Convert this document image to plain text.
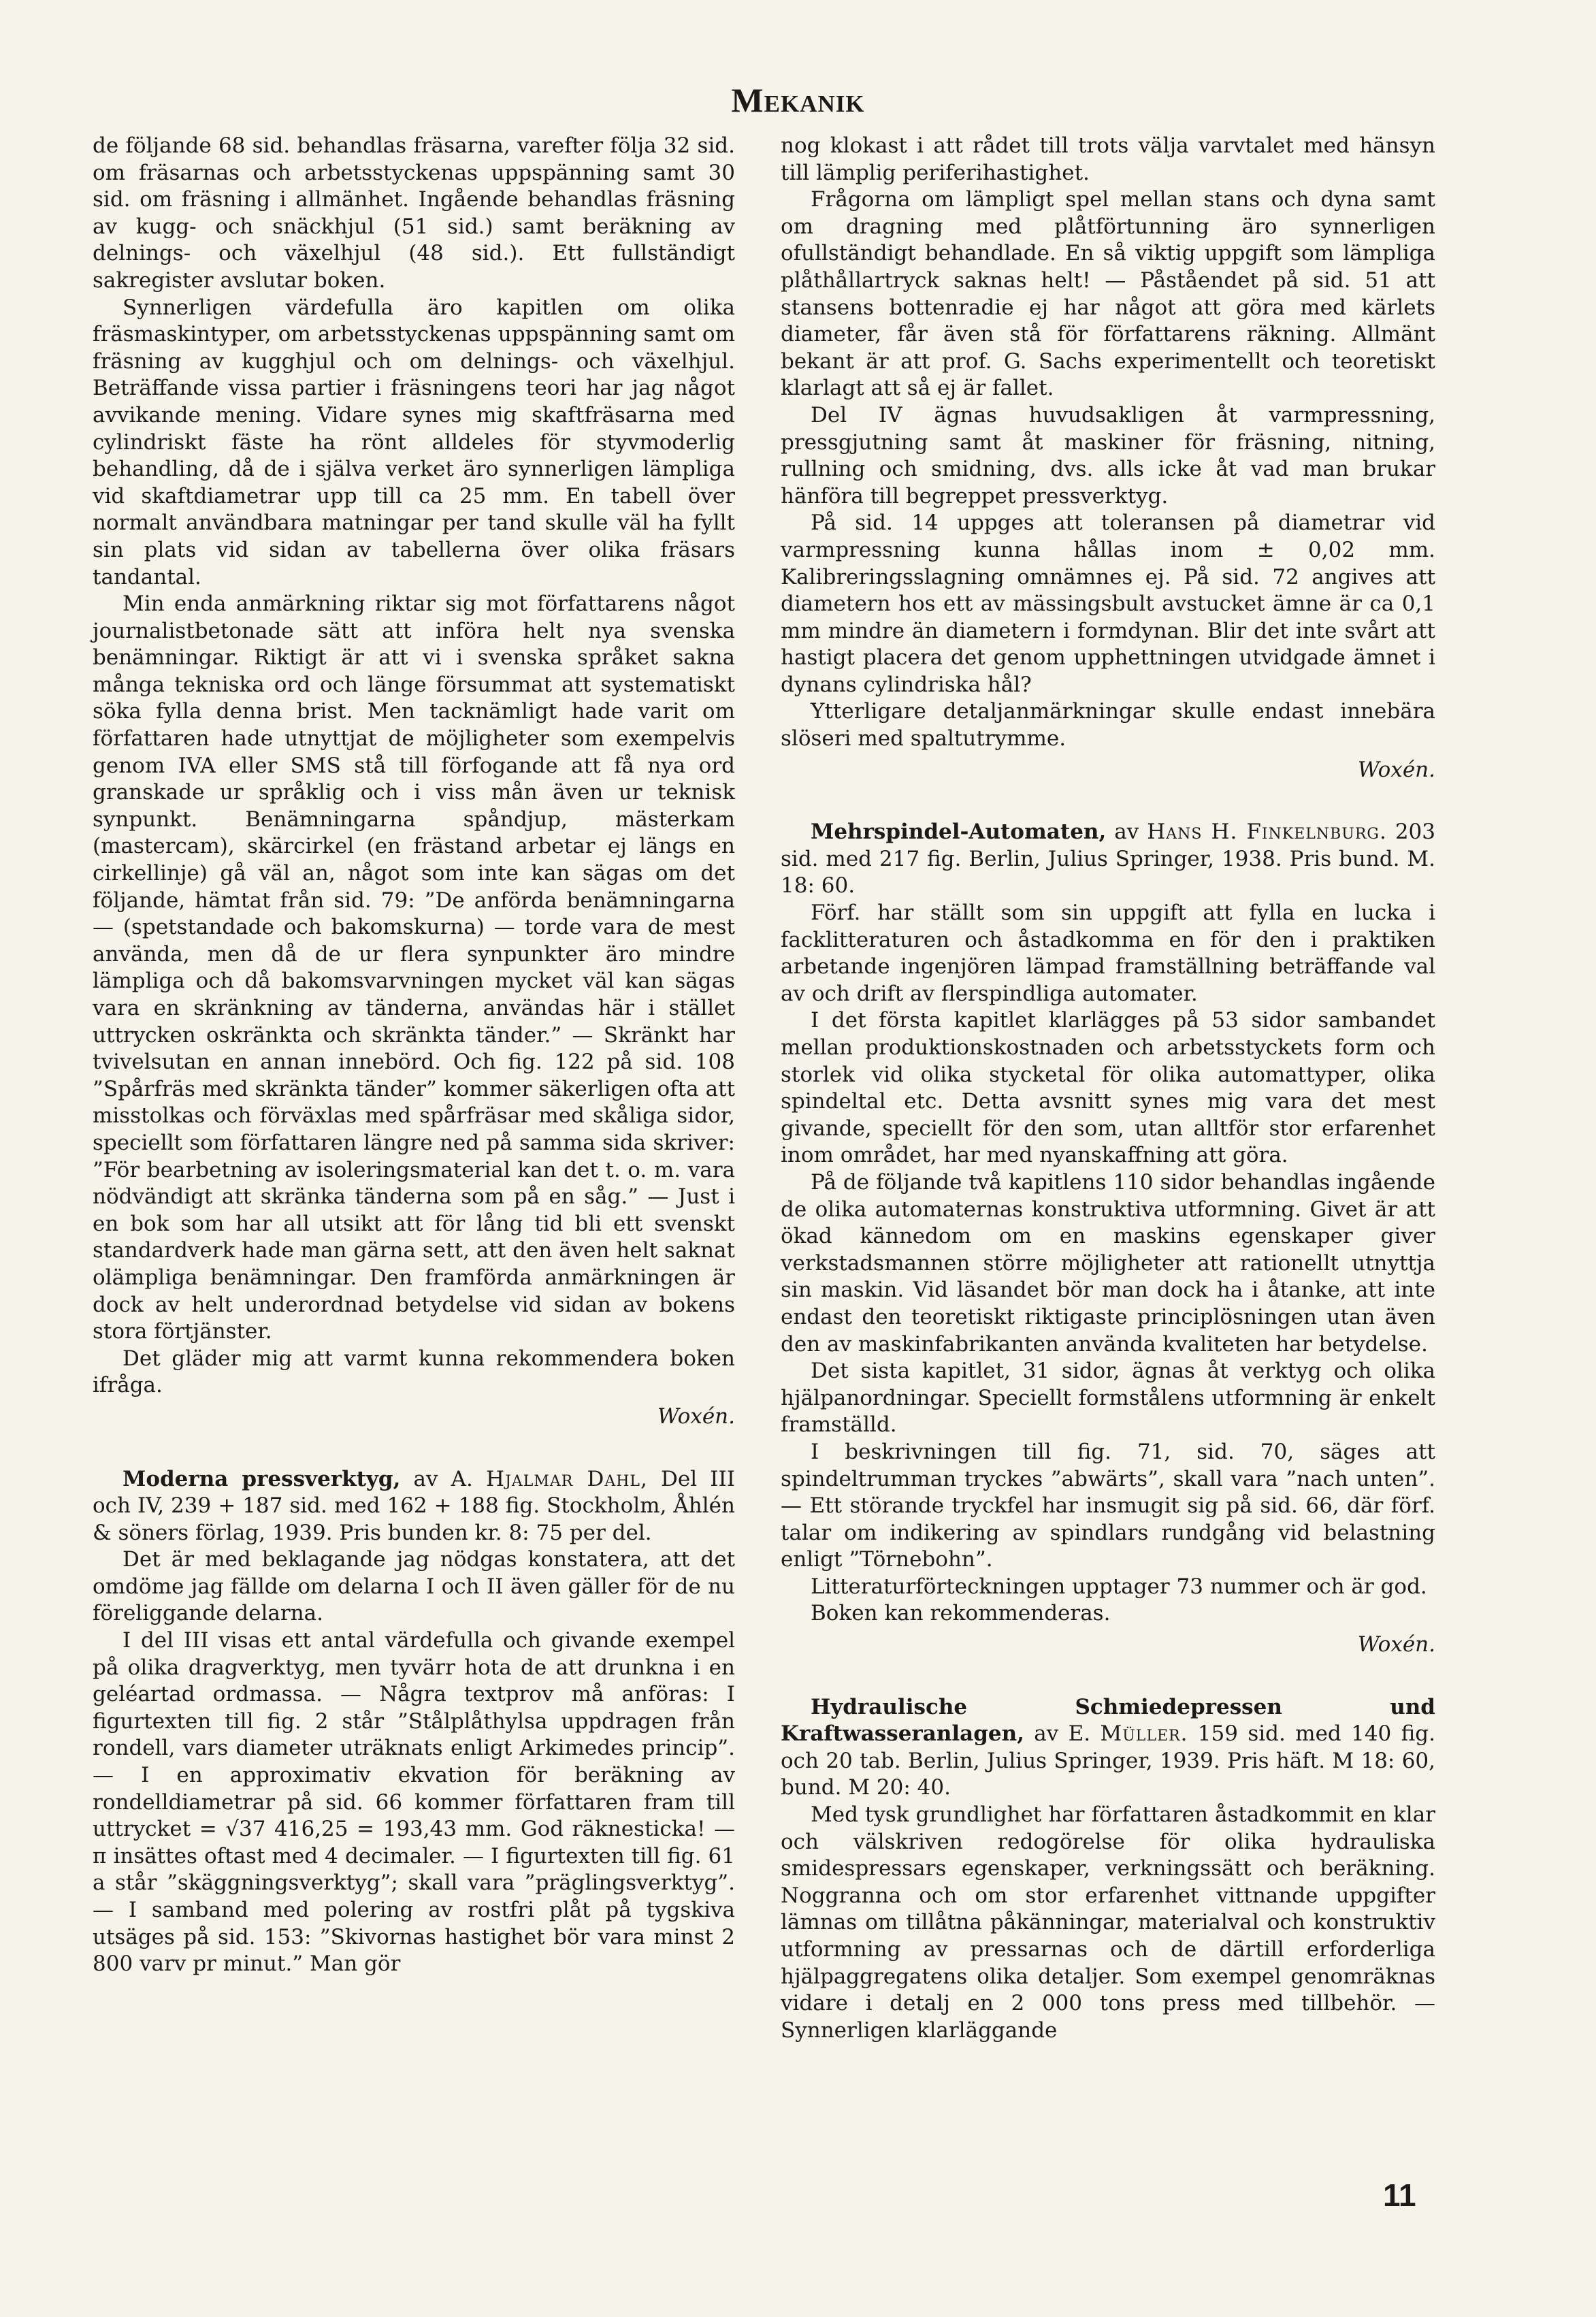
Mekanik

de följande 68 sid. behandlas fräsarna, varefter följa 32 sid. om fräsarnas och arbetsstyckenas uppspänning samt 30 sid. om fräsning i allmänhet. Ingående behandlas fräsning av kugg- och snäckhjul (51 sid.) samt beräkning av delnings- och växelhjul (48 sid.). Ett fullständigt sakregister avslutar boken.

Synnerligen värdefulla äro kapitlen om olika fräsmaskintyper, om arbetsstyckenas uppspänning samt om fräsning av kugghjul och om delnings- och växelhjul. Beträffande vissa partier i fräsningens teori har jag något avvikande mening. Vidare synes mig skaftfräsarna med cylindriskt fäste ha rönt alldeles för styvmoderlig behandling, då de i själva verket äro synnerligen lämpliga vid skaftdiametrar upp till ca 25 mm. En tabell över normalt användbara matningar per tand skulle väl ha fyllt sin plats vid sidan av tabellerna över olika fräsars tandantal.

Min enda anmärkning riktar sig mot författarens något journalistbetonade sätt att införa helt nya svenska benämningar. Riktigt är att vi i svenska språket sakna många tekniska ord och länge försummat att systematiskt söka fylla denna brist. Men tacknämligt hade varit om författaren hade utnyttjat de möjligheter som exempelvis genom IVA eller SMS stå till förfogande att få nya ord granskade ur språklig och i viss mån även ur teknisk synpunkt. Benämningarna spåndjup, mästerkam (mastercam), skärcirkel (en frästand arbetar ej längs en cirkellinje) gå väl an, något som inte kan sägas om det följande, hämtat från sid. 79: ”De anförda benämningarna — (spetstandade och bakomskurna) — torde vara de mest använda, men då de ur flera synpunkter äro mindre lämpliga och då bakomsvarvningen mycket väl kan sägas vara en skränkning av tänderna, användas här i stället uttrycken oskränkta och skränkta tänder.” — Skränkt har tvivelsutan en annan innebörd. Och fig. 122 på sid. 108 ”Spårfräs med skränkta tänder” kommer säkerligen ofta att misstolkas och förväxlas med spårfräsar med skåliga sidor, speciellt som författaren längre ned på samma sida skriver: ”För bearbetning av isoleringsmaterial kan det t. o. m. vara nödvändigt att skränka tänderna som på en såg.” — Just i en bok som har all utsikt att för lång tid bli ett svenskt standardverk hade man gärna sett, att den även helt saknat olämpliga benämningar. Den framförda anmärkningen är dock av helt underordnad betydelse vid sidan av bokens stora förtjänster.

Det gläder mig att varmt kunna rekommendera boken ifråga.

Woxén.

Moderna pressverktyg, av A. Hjalmar Dahl, Del III och IV, 239 + 187 sid. med 162 + 188 fig. Stockholm, Åhlén & söners förlag, 1939. Pris bunden kr. 8: 75 per del.

Det är med beklagande jag nödgas konstatera, att det omdöme jag fällde om delarna I och II även gäller för de nu föreliggande delarna.

I del III visas ett antal värdefulla och givande exempel på olika dragverktyg, men tyvärr hota de att drunkna i en geléartad ordmassa. — Några textprov må anföras: I figurtexten till fig. 2 står ”Stålplåthylsa uppdragen från rondell, vars diameter uträknats enligt Arkimedes princip”. — I en approximativ ekvation för beräkning av rondelldiametrar på sid. 66 kommer författaren fram till uttrycket = √37 416,25 = 193,43 mm. God räknesticka! — π insättes oftast med 4 decimaler. — I figurtexten till fig. 61 a står ”skäggningsverktyg”; skall vara ”präglingsverktyg”. — I samband med polering av rostfri plåt på tygskiva utsäges på sid. 153: ”Skivornas hastighet bör vara minst 2 800 varv pr minut.” Man gör

nog klokast i att rådet till trots välja varvtalet med hänsyn till lämplig periferihastighet.

Frågorna om lämpligt spel mellan stans och dyna samt om dragning med plåtförtunning äro synnerligen ofullständigt behandlade. En så viktig uppgift som lämpliga plåthållartryck saknas helt! — Påståendet på sid. 51 att stansens bottenradie ej har något att göra med kärlets diameter, får även stå för författarens räkning. Allmänt bekant är att prof. G. Sachs experimentellt och teoretiskt klarlagt att så ej är fallet.

Del IV ägnas huvudsakligen åt varmpressning, pressgjutning samt åt maskiner för fräsning, nitning, rullning och smidning, dvs. alls icke åt vad man brukar hänföra till begreppet pressverktyg.

På sid. 14 uppges att toleransen på diametrar vid varmpressning kunna hållas inom ± 0,02 mm. Kalibreringsslagning omnämnes ej. På sid. 72 angives att diametern hos ett av mässingsbult avstucket ämne är ca 0,1 mm mindre än diametern i formdynan. Blir det inte svårt att hastigt placera det genom upphettningen utvidgade ämnet i dynans cylindriska hål?

Ytterligare detaljanmärkningar skulle endast innebära slöseri med spaltutrymme.

Woxén.

Mehrspindel-Automaten, av Hans H. Finkelnburg. 203 sid. med 217 fig. Berlin, Julius Springer, 1938. Pris bund. M. 18: 60.

Förf. har ställt som sin uppgift att fylla en lucka i facklitteraturen och åstadkomma en för den i praktiken arbetande ingenjören lämpad framställning beträffande val av och drift av flerspindliga automater.

I det första kapitlet klarlägges på 53 sidor sambandet mellan produktionskostnaden och arbetsstyckets form och storlek vid olika stycketal för olika automattyper, olika spindeltal etc. Detta avsnitt synes mig vara det mest givande, speciellt för den som, utan alltför stor erfarenhet inom området, har med nyanskaffning att göra.

På de följande två kapitlens 110 sidor behandlas ingående de olika automaternas konstruktiva utformning. Givet är att ökad kännedom om en maskins egenskaper giver verkstadsmannen större möjligheter att rationellt utnyttja sin maskin. Vid läsandet bör man dock ha i åtanke, att inte endast den teoretiskt riktigaste principlösningen utan även den av maskinfabrikanten använda kvaliteten har betydelse.

Det sista kapitlet, 31 sidor, ägnas åt verktyg och olika hjälpanordningar. Speciellt formstålens utformning är enkelt framställd.

I beskrivningen till fig. 71, sid. 70, säges att spindeltrumman tryckes ”abwärts”, skall vara ”nach unten”. — Ett störande tryckfel har insmugit sig på sid. 66, där förf. talar om indikering av spindlars rundgång vid belastning enligt ”Törnebohn”.

Litteraturförteckningen upptager 73 nummer och är god.

Boken kan rekommenderas.

Woxén.

Hydraulische Schmiedepressen und Kraftwasseranlagen, av E. Müller. 159 sid. med 140 fig. och 20 tab. Berlin, Julius Springer, 1939. Pris häft. M 18: 60, bund. M 20: 40.

Med tysk grundlighet har författaren åstadkommit en klar och välskriven redogörelse för olika hydrauliska smidespressars egenskaper, verkningssätt och beräkning. Noggranna och om stor erfarenhet vittnande uppgifter lämnas om tillåtna påkänningar, materialval och konstruktiv utformning av pressarnas och de därtill erforderliga hjälpaggregatens olika detaljer. Som exempel genomräknas vidare i detalj en 2 000 tons press med tillbehör. — Synnerligen klarläggande

11
